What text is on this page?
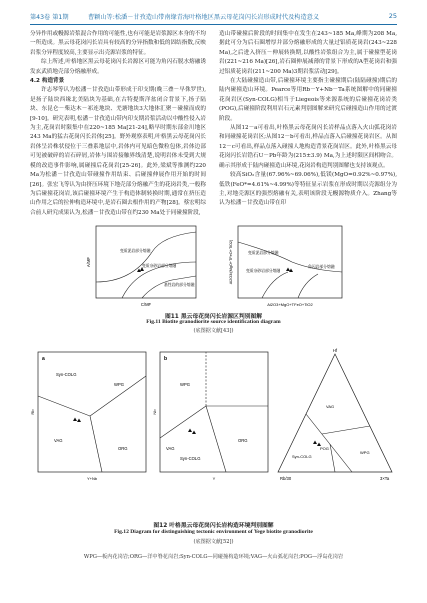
第43卷 第1期	曹颖山等:松潘－甘孜造山带南缘青海叶格地区黑云母花岗闪长岩形成时代及构造意义	25

分异作用或幔源岩浆混合作用的可能性,也有可能是岩浆源区本身的不均一所造成。黑云母花岗闪长岩具有较高的分异指数和低的固结指数,反映岩浆分异程度较高,主要显示出壳源岩浆的特征。

综上所述,叶格地区黑云母花岗闪长岩源区可能为角闪石脱水熔融诱发玄武质地壳部分熔融形成。

4.2 构造背景

许志琴等认为松潘－甘孜造山带形成于印支期(晚三叠－早侏罗世),是扬子陆块西缘北美陆块为基础,在古特提斯洋盆闭合背景下,扬子陆块、东昆仑－柴达木－祁连地块、羌塘地块3大地体汇聚－碰撞而成的[9-10]。研究表明,松潘－甘孜造山带内印支期岩浆活动以中酸性侵入岩为主,花岗岩时限集中在220~185 Ma[21-24],略早时期东部金川地区243 Ma的猛古花岗闪长岩体[25]。野外观察表明,叶格黑云母花岗闪长岩体呈岩株状侵位于三叠系地层中,岩体内可见暗色微粒包体,岩体边部可见被破碎的岩石碎屑,岩体与围岩接触界线清楚,说明岩体未受到大规模的改造事件影响,属碰撞后花岗岩[25-26]。此外,梁斌等推测约220 Ma为松潘－甘孜造山带碰撞作用结束、后碰撞伸展作用开始的时间[26]。张宏飞等认为由挤压环境下地壳部分熔融产生的花岗岩类,一般称为后碰撞花岗岩,该后碰撞环境产生于构造体制转换时期,通常在挤压造山作用之后的拉伸构造环境中,是岩石圈去根作用的产物[28]。蔡宏明综合前人研究成果认为,松潘－甘孜造山带在约230 Ma处于同碰撞阶段,

造山带碰撞后阶段的时间集中在发生在243~185 Ma,峰期为208 Ma,据此可分为后石圈增厚并部分熔融形成的大量过铝质花岗岩(243~228 Ma),之后进入挤压－伸展转换期,以酸性岩浆组合为主,属于碰撞型花岗岩(221~216 Ma)[26],岩石圈伸展减薄的背景下形成的A型花岗岩和强过铝质花岗岩(211~200 Ma)3期岩浆活动[29]。

在大陆碰撞造山带,后碰撞环境主要指主碰撞期后(陆陆碰撞)期后的陆内碰撞造山环境。Pearce等用Rb－Y+Nb－Ta系统图解中的同碰撞花岗岩区(Syn-COLG)相当于Liegeois等来源系统的后碰撞花岗岩类(POG),后碰撞阶段利用岩石元素判别图解来研究后碰撞造山作用的过渡阶段。

从图12－a可看出,叶格黑云母花岗闪长岩样品点落入火山弧花岗岩和同碰撞花岗岩区;从图12－b可看出,样品点落入后碰撞花岗岩区。从图12－c可看出,样品点落入碰撞人地构造背景花岗岩区。此外,叶格黑云母花岗闪长岩锆石U－Pb年龄为(215±3.9) Ma,为上述时限区间相吻合。确示其形成于陆内碰撞造山环境,花岗岩构造判别图解也支持该观点。

较高SiO₂含量(67.96%~69.06%),低镁(MgO=0.92%~0.97%),低铁(FeO*=4.61%~4.99%)等特征显示岩浆在形成时期以壳源组分为主,对地壳源区的强烈熔融有关,表明该阶段无幔源物质介入。Zhang等认为松潘－甘孜造山带在印

变质泥岩部分熔融
变质杂砂岩部分熔融
基性岩的部分熔融
C/MF
A/MF
变质泥岩部分熔融
变质杂砂岩部分熔融
角闪岩部分熔融
Al2O3+MgO+TFeO+TiO2
Al2O3/(MgO+TFeO+TiO2)
图11 黑云母花岗闪长岩源区判别图解
Fig.11 Biotite granodiorite source identification diagram
(底图据文献[43])
a
Syn-COLG
WPG
VAG
ORG
Y+Nb
Rb
b
WPG
VAG
Syn-COLG
ORG
Y
Nb
Hf
Rb/30	3×Ta
VAG
Syn-COLG
WPG
POG
图12 叶格黑云母花岗闪长岩构造环境判别图解
Fig.12 Diagram for distinguishing tectonic environment of Yege biotite granodiorite
(底图据文献[52])
WPG—板内花岗岩;ORG—洋中脊花岗岩;Syn-COLG—同碰撞构造环境;VAG—火山弧花岗岩;POG—浮岛花岗岩
